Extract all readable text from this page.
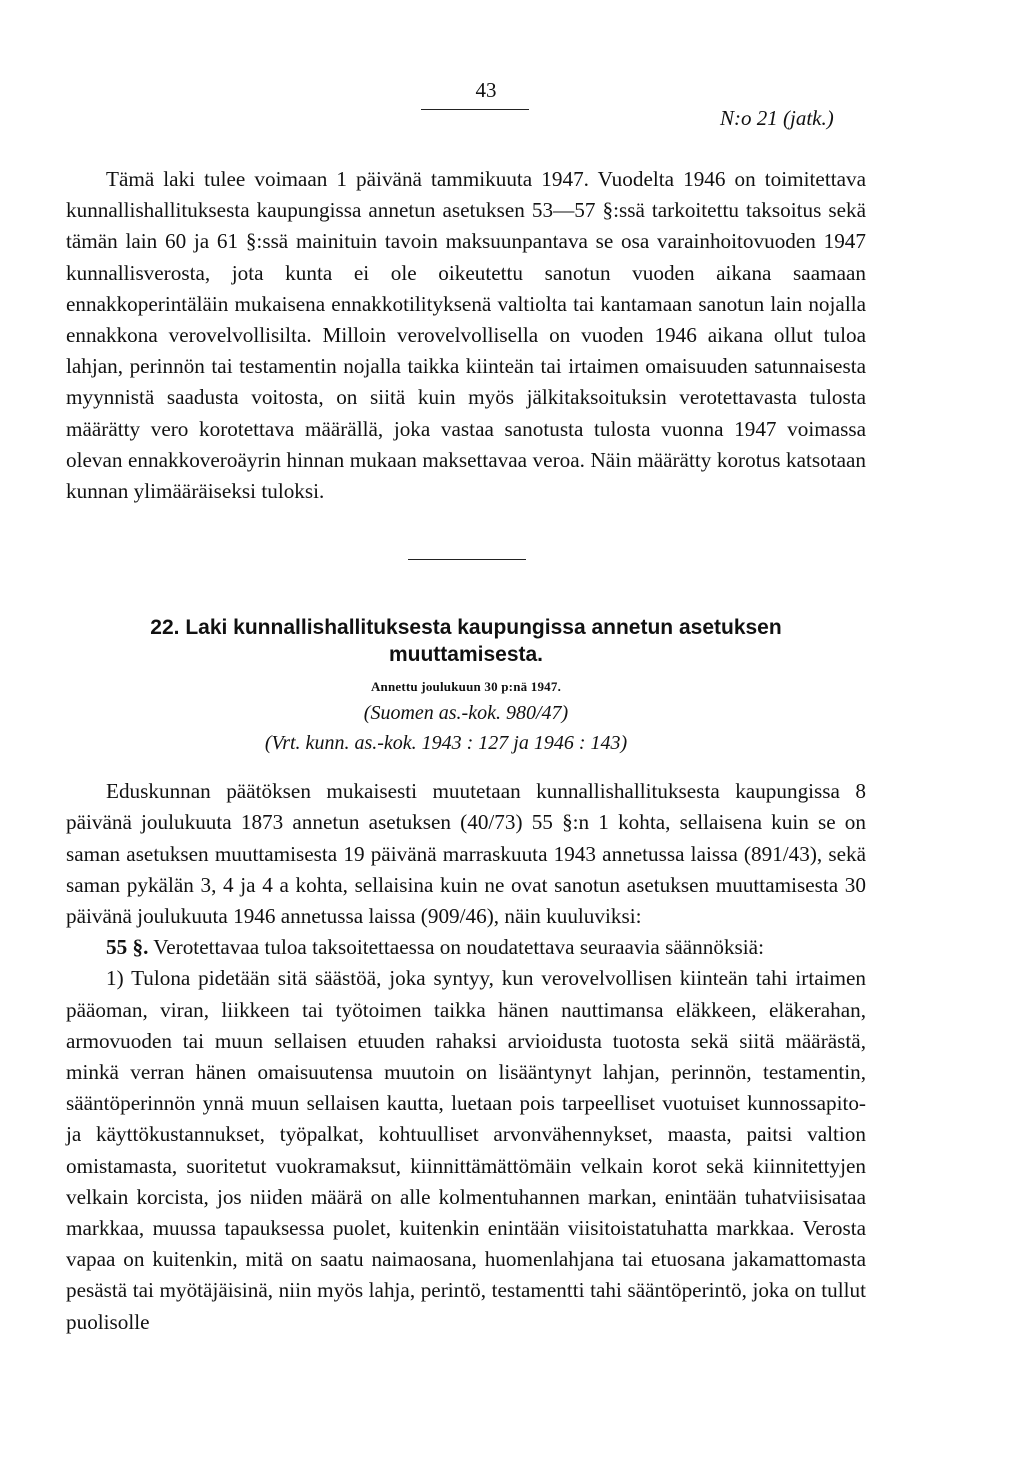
43
N:o 21 (jatk.)

Tämä laki tulee voimaan 1 päivänä tammikuuta 1947. Vuodelta 1946 on toimitettava kunnallishallituksesta kaupungissa annetun asetuksen 53—57 §:ssä tarkoitettu taksoitus sekä tämän lain 60 ja 61 §:ssä mainituin tavoin maksuunpantava se osa varainhoitovuoden 1947 kunnallisverosta, jota kunta ei ole oikeutettu sanotun vuoden aikana saamaan ennakkoperintäläin mukaisena ennakkotilityksenä valtiolta tai kantamaan sanotun lain nojalla ennakkona verovelvollisilta. Milloin verovelvollisella on vuoden 1946 aikana ollut tuloa lahjan, perinnön tai testamentin nojalla taikka kiinteän tai irtaimen omaisuuden satunnaisesta myynnistä saadusta voitosta, on siitä kuin myös jälkitaksoituksin verotettavasta tulosta määrätty vero korotettava määrällä, joka vastaa sanotusta tulosta vuonna 1947 voimassa olevan ennakkoveroäyrin hinnan mukaan maksettavaa veroa. Näin määrätty korotus katsotaan kunnan ylimääräiseksi tuloksi.

22. Laki kunnallishallituksesta kaupungissa annetun asetuksen muuttamisesta.
Annettu joulukuun 30 p:nä 1947.
(Suomen as.-kok. 980/47)
(Vrt. kunn. as.-kok. 1943 : 127 ja 1946 : 143)

Eduskunnan päätöksen mukaisesti muutetaan kunnallishallituksesta kaupungissa 8 päivänä joulukuuta 1873 annetun asetuksen (40/73) 55 §:n 1 kohta, sellaisena kuin se on saman asetuksen muuttamisesta 19 päivänä marraskuuta 1943 annetussa laissa (891/43), sekä saman pykälän 3, 4 ja 4 a kohta, sellaisina kuin ne ovat sanotun asetuksen muuttamisesta 30 päivänä joulukuuta 1946 annetussa laissa (909/46), näin kuuluviksi:

55 §. Verotettavaa tuloa taksoitettaessa on noudatettava seuraavia säännöksiä:

1) Tulona pidetään sitä säästöä, joka syntyy, kun verovelvollisen kiinteän tahi irtaimen pääoman, viran, liikkeen tai työtoimen taikka hänen nauttimansa eläkkeen, eläkerahan, armovuoden tai muun sellaisen etuuden rahaksi arvioidusta tuotosta sekä siitä määrästä, minkä verran hänen omaisuutensa muutoin on lisääntynyt lahjan, perinnön, testamentin, sääntöperinnön ynnä muun sellaisen kautta, luetaan pois tarpeelliset vuotuiset kunnossapito- ja käyttökustannukset, työpalkat, kohtuulliset arvonvähennykset, maasta, paitsi valtion omistamasta, suoritetut vuokramaksut, kiinnittämättömäin velkain korot sekä kiinnitettyjen velkain korcista, jos niiden määrä on alle kolmentuhannen markan, enintään tuhatviisisataa markkaa, muussa tapauksessa puolet, kuitenkin enintään viisitoistatuhatta markkaa. Verosta vapaa on kuitenkin, mitä on saatu naimaosana, huomenlahjana tai etuosana jakamattomasta pesästä tai myötäjäisinä, niin myös lahja, perintö, testamentti tahi sääntöperintö, joka on tullut puolisolle
